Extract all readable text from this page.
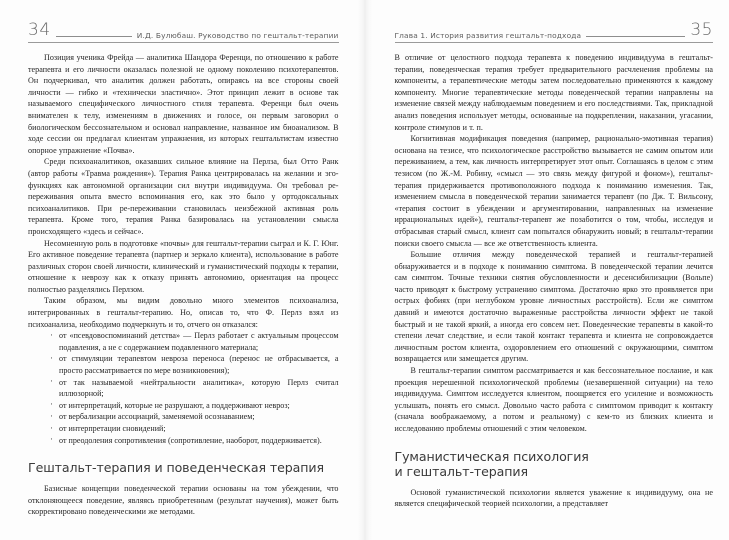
34	И.Д. Булюбаш. Руководство по гештальт-терапии

Позиция ученика Фрейда — аналитика Шандора Ференци, по отношению к работе терапевта и его личности оказалась полезной не одному поколению психотерапевтов. Он подчеркивал, что аналитик должен работать, опираясь на все стороны своей личности — гибко и «технически эластично». Этот принцип лежит в основе так называемого специфического личностного стиля терапевта. Ференци был очень внимателен к телу, изменениям в движениях и голосе, он первым заговорил о биологическом бессознательном и основал направление, названное им биоанализом. В ходе сессии он предлагал клиентам упражнения, из которых гештальтистам известно опорное упражнение «Почва».

Среди психоаналитиков, оказавших сильное влияние на Перлза, был Отто Ранк (автор работы «Травма рождения»). Терапия Ранка центрировалась на желании и эго-функциях как автономной организации сил внутри индивидуума. Он требовал ре-переживания опыта вместо вспоминания его, как это было у ортодоксальных психоаналитиков. При ре-переживании становилась неизбежной активная роль терапевта. Кроме того, терапия Ранка базировалась на установлении смысла происходящего «здесь и сейчас».

Несомненную роль в подготовке «почвы» для гештальт-терапии сыграл и К. Г. Юнг. Его активное поведение терапевта (партнер и зеркало клиента), использование в работе различных сторон своей личности, клинический и гуманистический подходы к терапии, отношение к неврозу как к отказу принять автономию, ориентация на процесс полностью разделялись Перлзом.

Таким образом, мы видим довольно много элементов психоанализа, интегрированных в гештальт-терапию. Но, описав то, что Ф. Перлз взял из психоанализа, необходимо подчеркнуть и то, отчего он отказался:

· от «псевдовоспоминаний детства» — Перлз работает с актуальным процессом подавления, а не с содержанием подавленного материала;
· от стимуляции терапевтом невроза переноса (перенос не отбрасывается, а просто рассматривается по мере возникновения);
· от так называемой «нейтральности аналитика», которую Перлз считал иллюзорной;
· от интерпретаций, которые не разрушают, а поддерживают невроз;
· от вербализации ассоциаций, заменяемой осознаванием;
· от интерпретации сновидений;
· от преодоления сопротивления (сопротивление, наоборот, поддерживается).
Гештальт-терапия и поведенческая терапия

Базисные концепции поведенческой терапии основаны на том убеждении, что отклоняющееся поведение, являясь приобретенным (результат научения), может быть скорректировано поведенческими же методами.

Глава 1. История развития гештальт-подхода	35

В отличие от целостного подхода терапевта к поведению индивидуума в гештальт-терапии, поведенческая терапия требует предварительного расчленения проблемы на компоненты, а терапевтические методы затем последовательно применяются к каждому компоненту. Многие терапевтические методы поведенческой терапии направлены на изменение связей между наблюдаемым поведением и его последствиями. Так, прикладной анализ поведения использует методы, основанные на подкреплении, наказании, угасании, контроле стимулов и т. п.

Когнитивная модификация поведения (например, рационально-эмотивная терапия) основана на тезисе, что психологическое расстройство вызывается не самим опытом или переживанием, а тем, как личность интерпретирует этот опыт. Соглашаясь в целом с этим тезисом (по Ж.-М. Робину, «смысл — это связь между фигурой и фоном»), гештальт-терапия придерживается противоположного подхода к пониманию изменения. Так, изменением смысла в поведенческой терапии занимается терапевт (по Дж. Т. Вильсону, «терапия состоит в убеждении и аргументировании, направленных на изменение иррациональных идей»), гештальт-терапевт же позаботится о том, чтобы, исследуя и отбрасывая старый смысл, клиент сам попытался обнаружить новый; в гештальт-терапии поиски своего смысла — все же ответственность клиента.

Большие отличия между поведенческой терапией и гештальт-терапией обнаруживается и в подходе к пониманию симптома. В поведенческой терапии лечится сам симптом. Точные техники снятия обусловленности и десенсибилизации (Вольпе) часто приводят к быстрому устранению симптома. Достаточно ярко это проявляется при острых фобиях (при неглубоком уровне личностных расстройств). Если же симптом давний и имеются достаточно выраженные расстройства личности эффект не такой быстрый и не такой яркий, а иногда его совсем нет. Поведенческие терапевты в какой-то степени лечат следствие, и если такой контакт терапевта и клиента не сопровождается личностным ростом клиента, оздоровлением его отношений с окружающими, симптом возвращается или замещается другим.

В гештальт-терапии симптом рассматривается и как бессознательное послание, и как проекция нерешенной психологической проблемы (незавершенной ситуации) на тело индивидуума. Симптом исследуется клиентом, поощряется его усиление и возможность услышать, понять его смысл. Довольно часто работа с симптомом приводит к контакту (сначала воображаемому, а потом и реальному) с кем-то из близких клиента и исследованию проблемы отношений с этим человеком.

Гуманистическая психология
и гештальт-терапия

Основой гуманистической психологии является уважение к индивидууму, она не является специфической теорией психологии, а представляет
